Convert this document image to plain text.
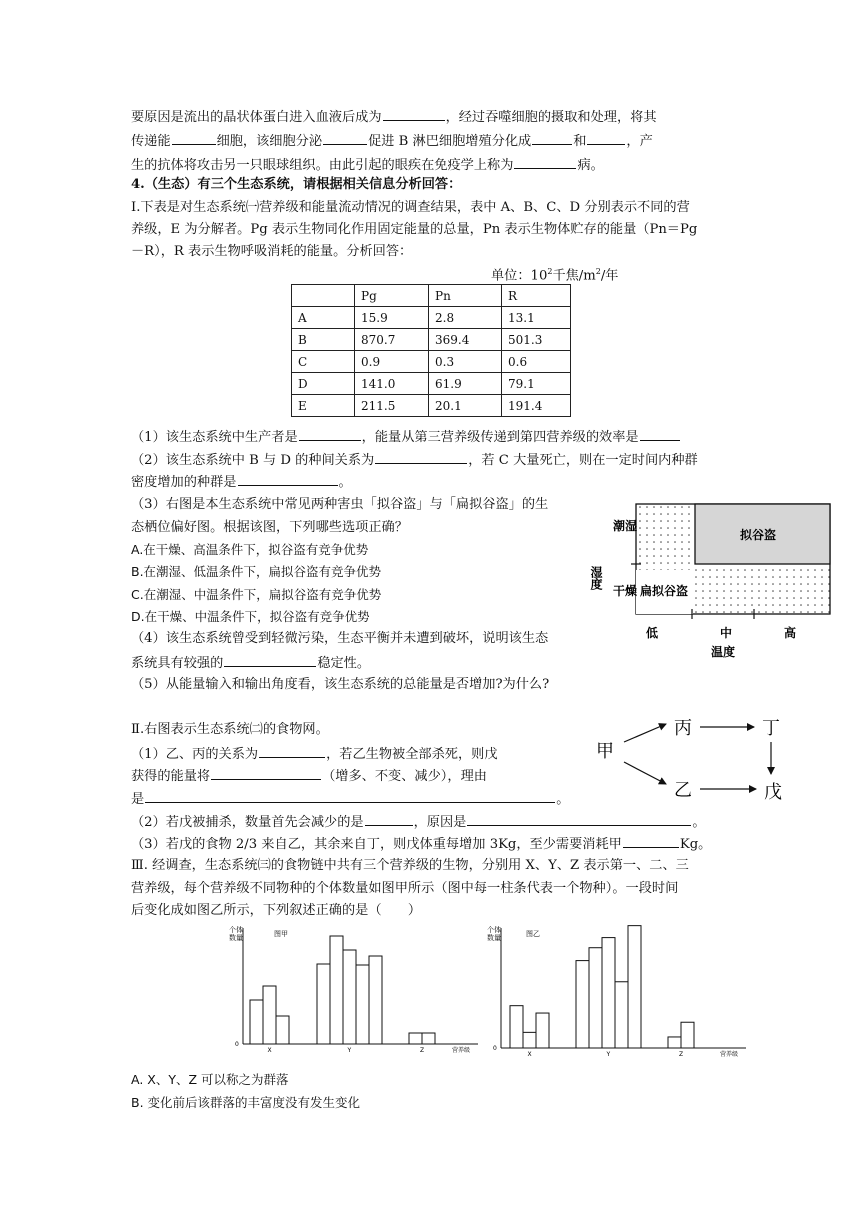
要原因是流出的晶状体蛋白进入血液后成为	，经过吞噬细胞的摄取和处理，将其
传递能	细胞，该细胞分泌	促进 B 淋巴细胞增殖分化成	和	，产
生的抗体将攻击另一只眼球组织。由此引起的眼疾在免疫学上称为	病。
4.（生态）有三个生态系统，请根据相关信息分析回答：
Ⅰ.下表是对生态系统㈠营养级和能量流动情况的调查结果，表中 A、B、C、D 分别表示不同的营
养级，E 为分解者。Pg 表示生物同化作用固定能量的总量，Pn 表示生物体贮存的能量（Pn＝Pg
－R），R 表示生物呼吸消耗的能量。分析回答：
单位：$10^2$千焦$/m^2/$年
	Pg	Pn	R
A	15.9	2.8	13.1
B	870.7	369.4	501.3
C	0.9	0.3	0.6
D	141.0	61.9	79.1
E	211.5	20.1	191.4
（1）该生态系统中生产者是	，能量从第三营养级传递到第四营养级的效率是
（2）该生态系统中 B 与 D 的种间关系为	，若 C 大量死亡，则在一定时间内种群
密度增加的种群是	。
（3）右图是本生态系统中常见两种害虫「拟谷盗」与「扁拟谷盗」的生
态栖位偏好图。根据该图，下列哪些选项正确？
A.在干燥、高温条件下，拟谷盗有竞争优势
B.在潮湿、低温条件下，扁拟谷盗有竞争优势
C.在潮湿、中温条件下，扁拟谷盗有竞争优势
D.在干燥、中温条件下，拟谷盗有竞争优势
（4）该生态系统曾受到轻微污染，生态平衡并未遭到破坏，说明该生态
系统具有较强的	稳定性。
（5）从能量输入和输出角度看，该生态系统的总能量是否增加?为什么?
拟谷盗
扁拟谷盗
潮湿
湿度
干燥
低	中	高
温度
Ⅱ.右图表示生态系统㈡的食物网。
（1）乙、丙的关系为	，若乙生物被全部杀死，则戊
获得的能量将	（增多、不变、减少），理由
是	。
（2）若戊被捕杀，数量首先会减少的是	，原因是	。
（3）若戊的食物 2/3 来自乙，其余来自丁，则戊体重每增加 3Kg，至少需要消耗甲	Kg。
甲
丙	丁
乙	戊
Ⅲ. 经调查，生态系统㈢的食物链中共有三个营养级的生物，分别用 X、Y、Z 表示第一、二、三
营养级，每个营养级不同物种的个体数量如图甲所示（图中每一柱条代表一个物种）。一段时间
后变化成如图乙所示，下列叙述正确的是（　　）
图甲
个 体
数 量
0
X	Y	Z	营养级
图乙
个 体
数 量
0
X	Y	Z	营养级
A. X、Y、Z 可以称之为群落
B. 变化前后该群落的丰富度没有发生变化
